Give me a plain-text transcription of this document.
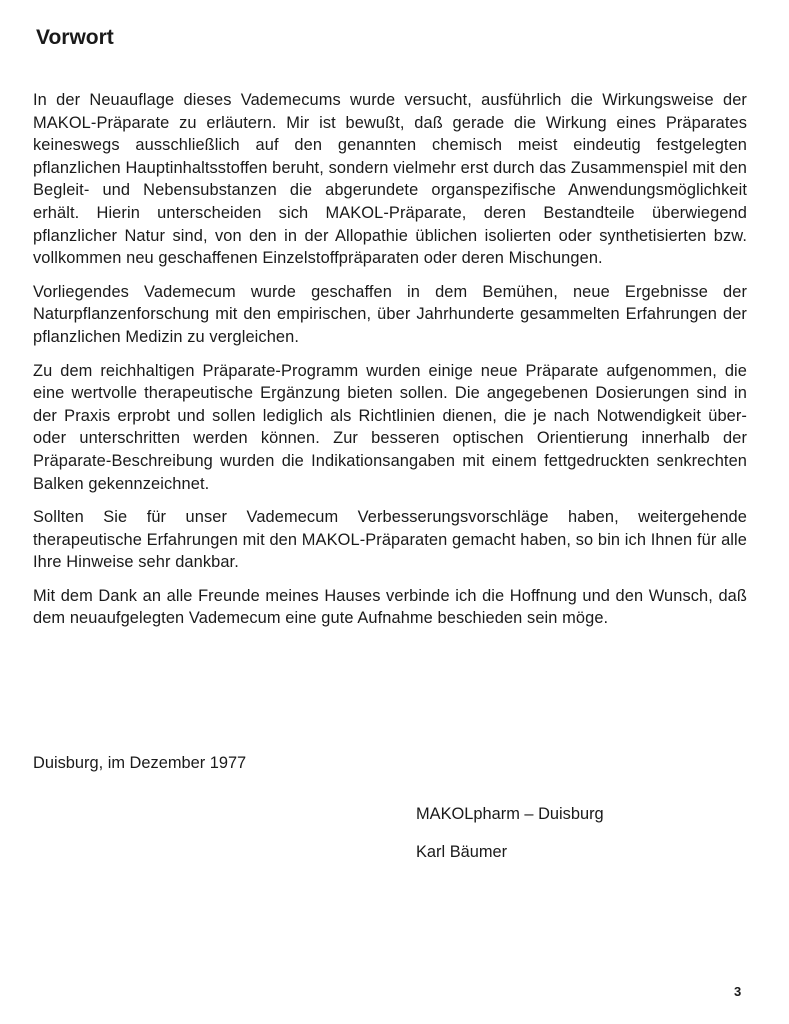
Vorwort

In der Neuauflage dieses Vademecums wurde versucht, ausführlich die Wirkungsweise der MAKOL-Präparate zu erläutern. Mir ist bewußt, daß gerade die Wirkung eines Präparates keineswegs ausschließlich auf den genannten chemisch meist eindeutig festgelegten pflanzlichen Hauptinhaltsstoffen beruht, sondern vielmehr erst durch das Zusammenspiel mit den Begleit- und Nebensubstanzen die abgerundete organspezifische Anwendungsmöglichkeit erhält. Hierin unterscheiden sich MAKOL-Präparate, deren Bestandteile überwiegend pflanzlicher Natur sind, von den in der Allopathie üblichen isolierten oder synthetisierten bzw. vollkommen neu geschaffenen Einzelstoffpräparaten oder deren Mischungen.

Vorliegendes Vademecum wurde geschaffen in dem Bemühen, neue Ergebnisse der Naturpflanzenforschung mit den empirischen, über Jahrhunderte gesammelten Erfahrungen der pflanzlichen Medizin zu vergleichen.

Zu dem reichhaltigen Präparate-Programm wurden einige neue Präparate aufgenommen, die eine wertvolle therapeutische Ergänzung bieten sollen. Die angegebenen Dosierungen sind in der Praxis erprobt und sollen lediglich als Richtlinien dienen, die je nach Notwendigkeit über- oder unterschritten werden können. Zur besseren optischen Orientierung innerhalb der Präparate-Beschreibung wurden die Indikationsangaben mit einem fettgedruckten senkrechten Balken gekennzeichnet.

Sollten Sie für unser Vademecum Verbesserungsvorschläge haben, weitergehende therapeutische Erfahrungen mit den MAKOL-Präparaten gemacht haben, so bin ich Ihnen für alle Ihre Hinweise sehr dankbar.

Mit dem Dank an alle Freunde meines Hauses verbinde ich die Hoffnung und den Wunsch, daß dem neuaufgelegten Vademecum eine gute Aufnahme beschieden sein möge.

Duisburg, im Dezember 1977

MAKOLpharm – Duisburg

Karl Bäumer

3
